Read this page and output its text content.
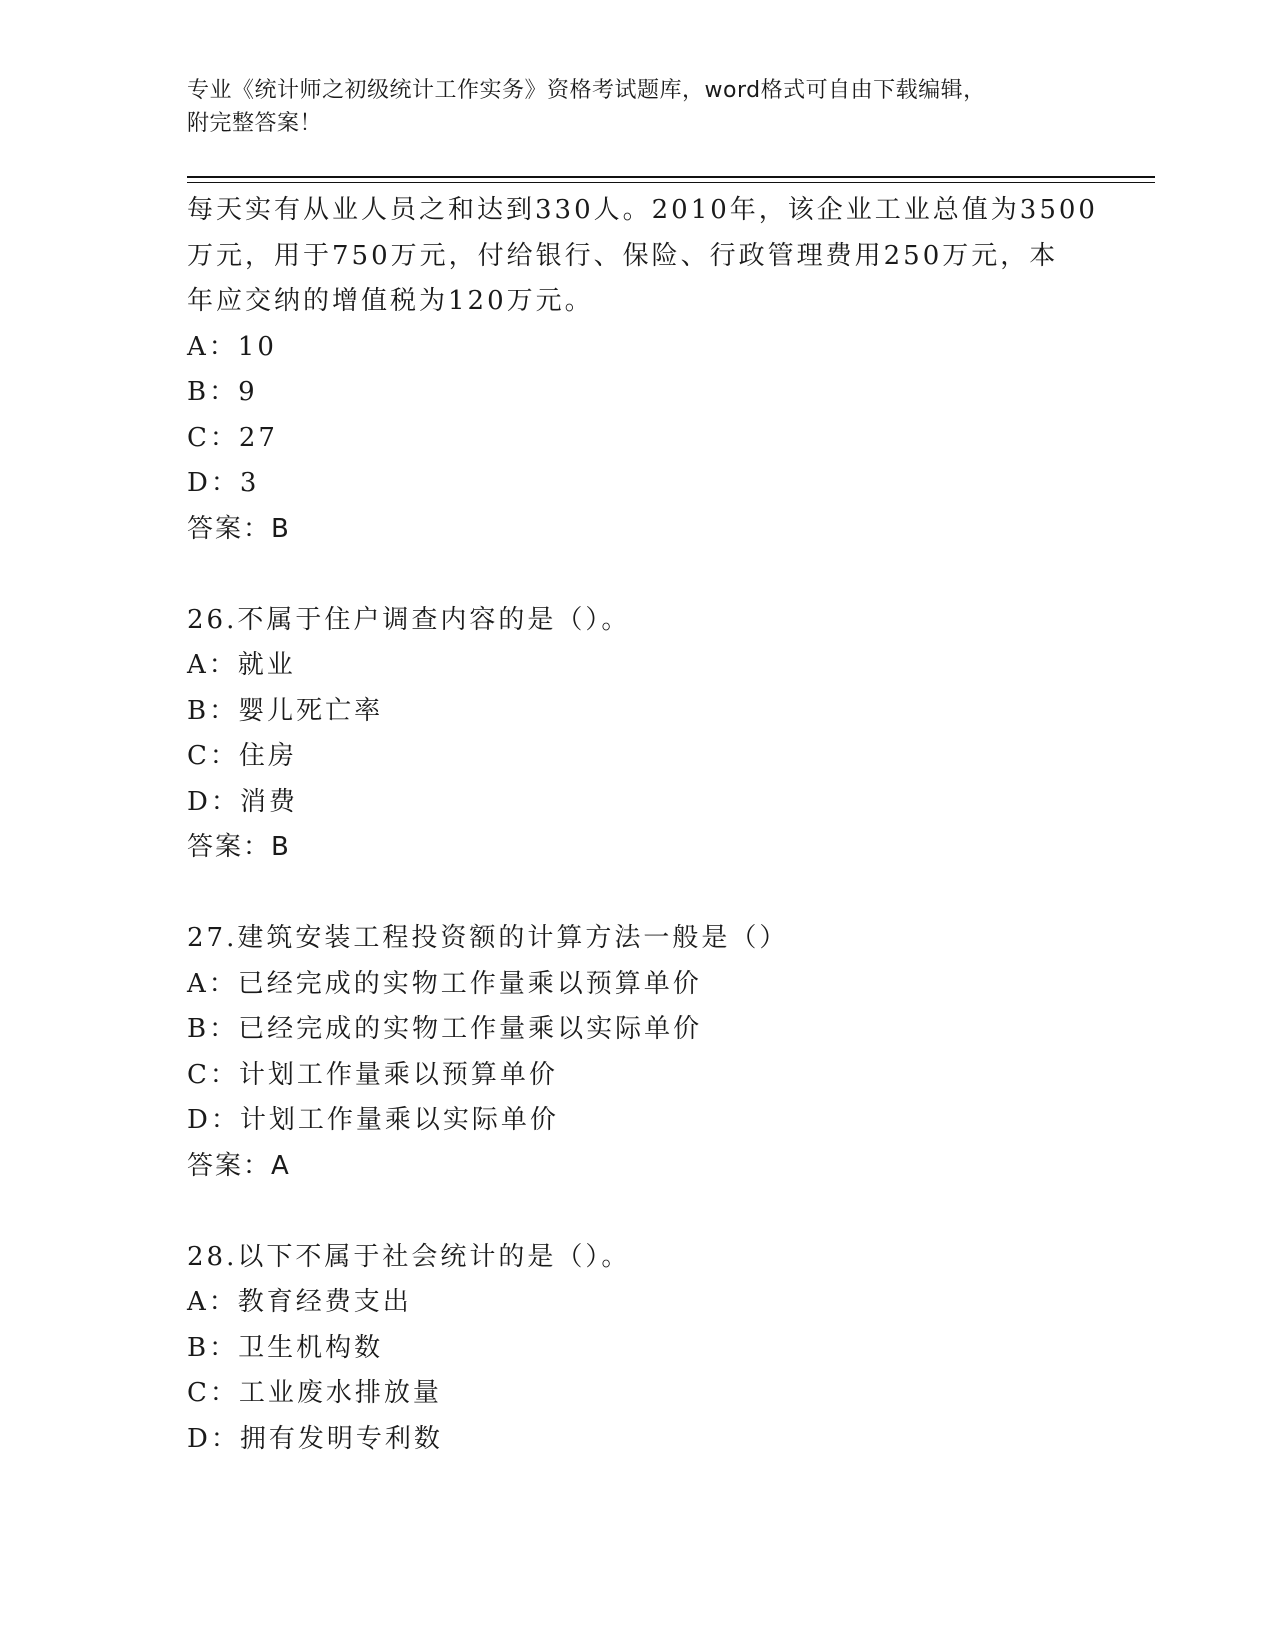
专业《统计师之初级统计工作实务》资格考试题库，word格式可自由下载编辑，
附完整答案！
每天实有从业人员之和达到330人。2010年，该企业工业总值为3500
万元，用于750万元，付给银行、保险、行政管理费用250万元，本
年应交纳的增值税为120万元。
A：10
B：9
C：27
D：3
答案：B
26.不属于住户调查内容的是（）。
A：就业
B：婴儿死亡率
C：住房
D：消费
答案：B
27.建筑安装工程投资额的计算方法一般是（）
A：已经完成的实物工作量乘以预算单价
B：已经完成的实物工作量乘以实际单价
C：计划工作量乘以预算单价
D：计划工作量乘以实际单价
答案：A
28.以下不属于社会统计的是（）。
A：教育经费支出
B：卫生机构数
C：工业废水排放量
D：拥有发明专利数
